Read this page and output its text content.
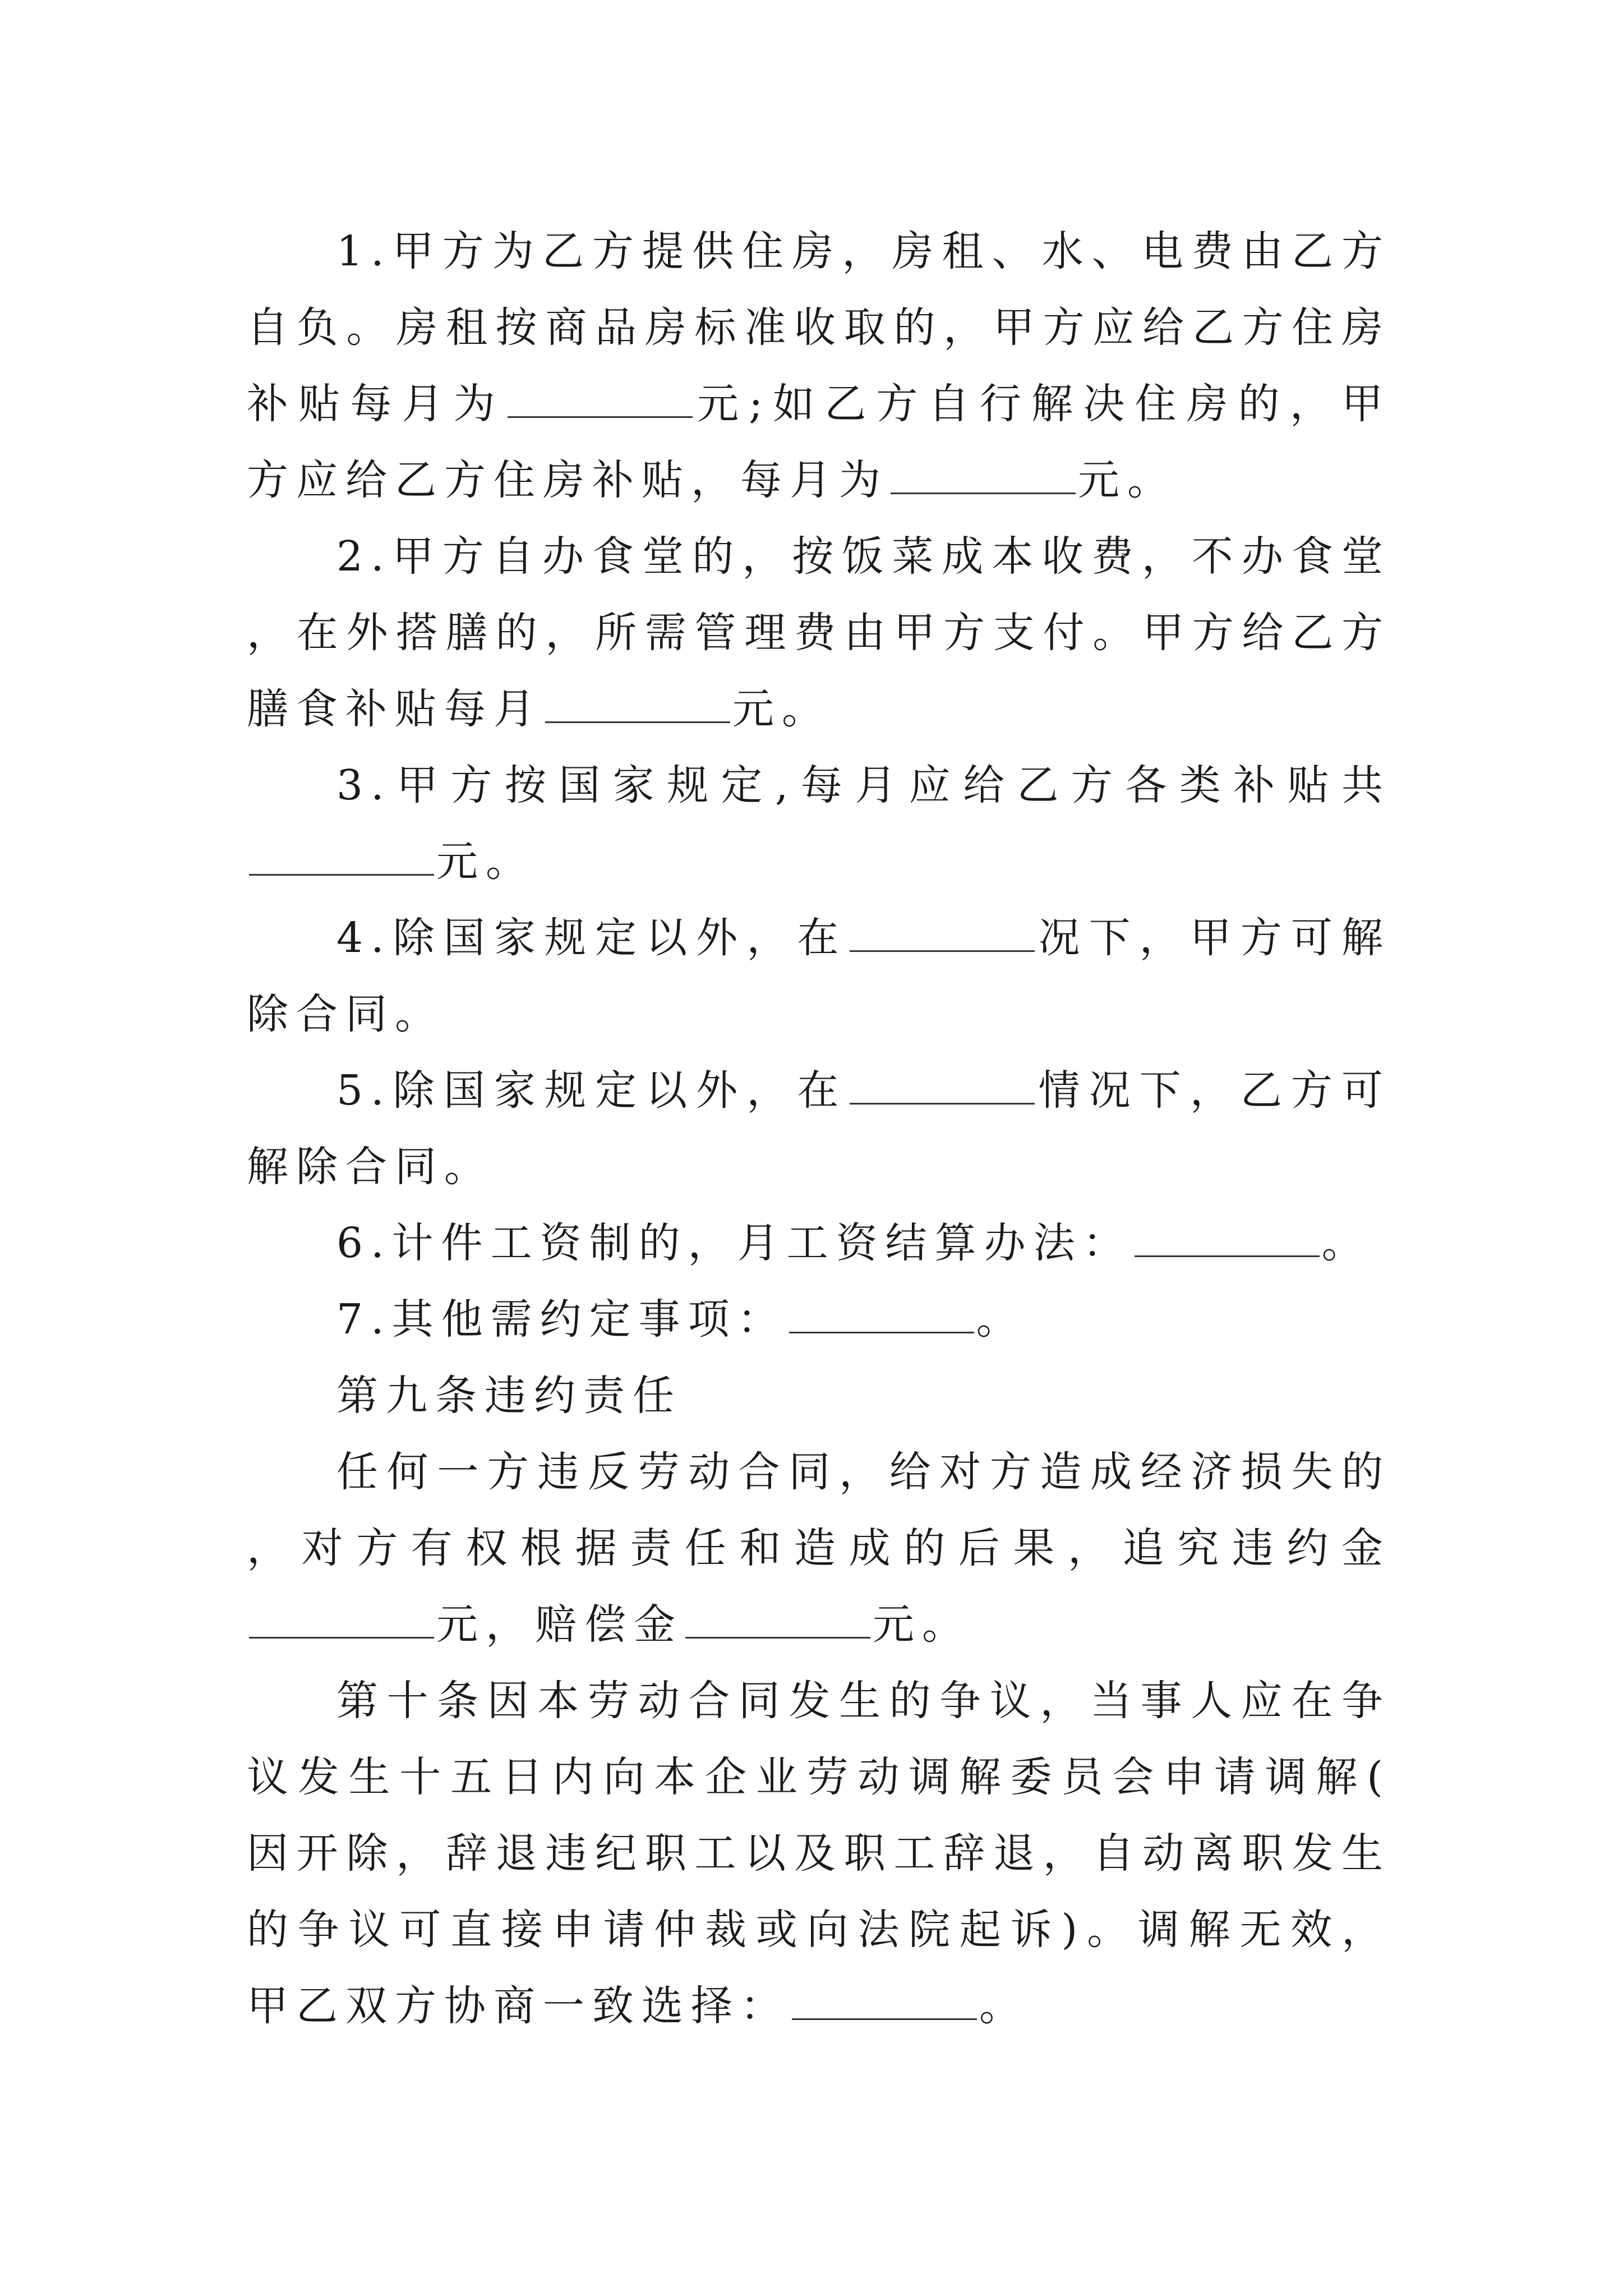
1.甲方为乙方提供住房，房租、水、电费由乙方自负。房租按商品房标准收取的，甲方应给乙方住房补贴每月为	元;如乙方自行解决住房的，甲方应给乙方住房补贴，每月为	元。

2.甲方自办食堂的，按饭菜成本收费，不办食堂，在外搭膳的，所需管理费由甲方支付。甲方给乙方膳食补贴每月	元。

3.甲方按国家规定,每月应给乙方各类补贴共元。

4.除国家规定以外，在	况下，甲方可解除合同。

5.除国家规定以外，在	情况下，乙方可解除合同。

6.计件工资制的，月工资结算办法：	。

7.其他需约定事项：	。

第九条违约责任

任何一方违反劳动合同，给对方造成经济损失的，对方有权根据责任和造成的后果，追究违约金元，赔偿金	元。

第十条因本劳动合同发生的争议，当事人应在争议发生十五日内向本企业劳动调解委员会申请调解(因开除，辞退违纪职工以及职工辞退，自动离职发生的争议可直接申请仲裁或向法院起诉)。调解无效，甲乙双方协商一致选择：	。
